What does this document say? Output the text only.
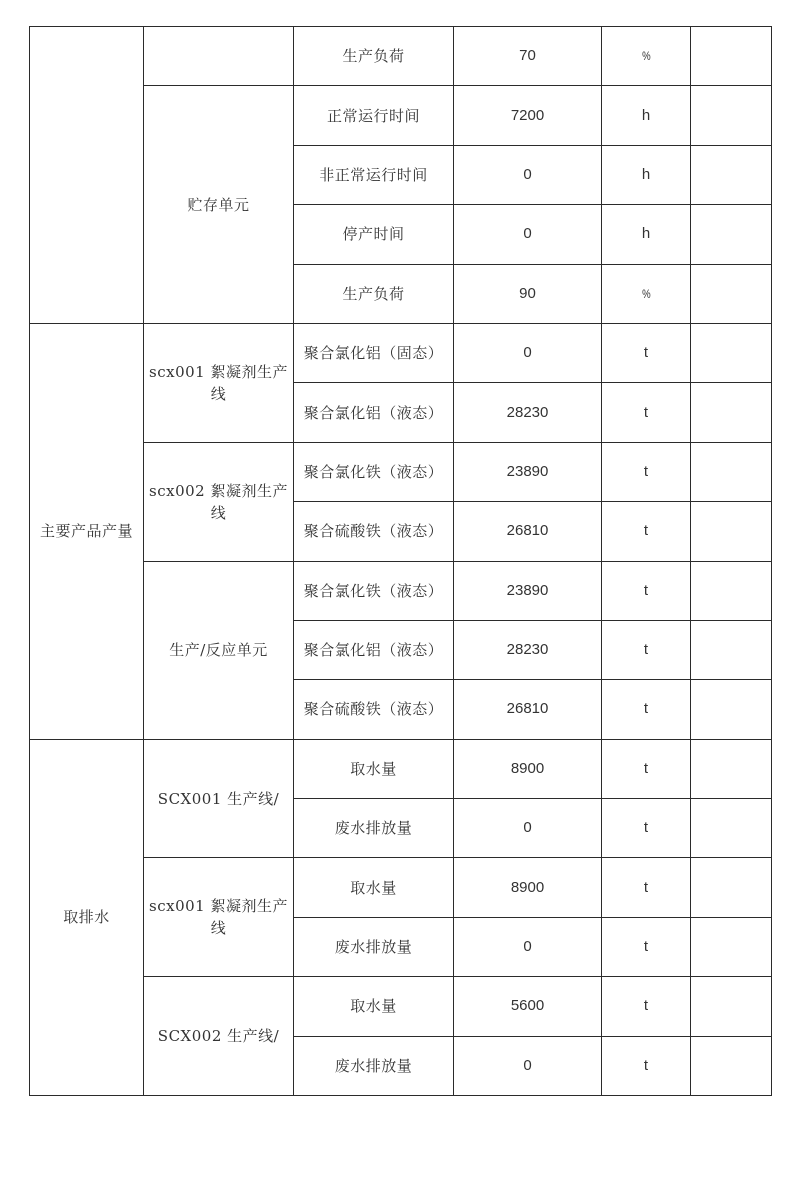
		生产负荷	70	%	
	贮存单元	正常运行时间	7200	h	
		非正常运行时间	0	h	
		停产时间	0	h	
		生产负荷	90	%	
主要产品产量	scx001 絮凝剂生产线	聚合氯化铝（固态）	0	t	
		聚合氯化铝（液态）	28230	t	
	scx002 絮凝剂生产线	聚合氯化铁（液态）	23890	t	
		聚合硫酸铁（液态）	26810	t	
	生产/反应单元	聚合氯化铁（液态）	23890	t	
		聚合氯化铝（液态）	28230	t	
		聚合硫酸铁（液态）	26810	t	
取排水	SCX001 生产线/	取水量	8900	t	
		废水排放量	0	t	
	scx001 絮凝剂生产线	取水量	8900	t	
		废水排放量	0	t	
	SCX002 生产线/	取水量	5600	t	
		废水排放量	0	t	
